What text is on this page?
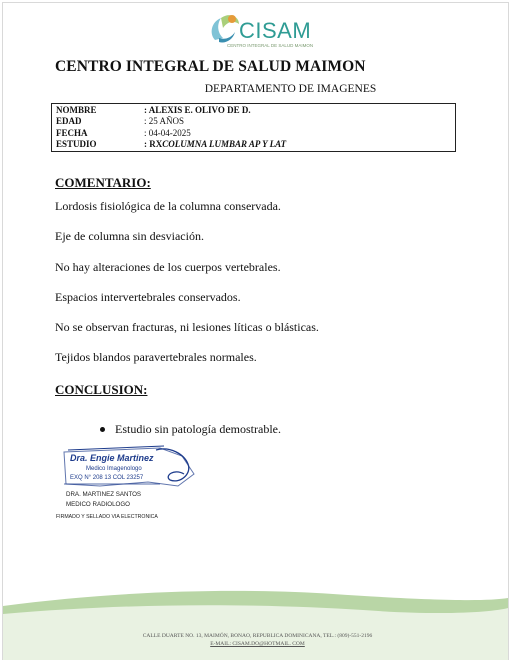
CISAM
CENTRO INTEGRAL DE SALUD MAIMON
CENTRO INTEGRAL DE SALUD MAIMON
DEPARTAMENTO DE IMAGENES
NOMBRE	: ALEXIS E. OLIVO DE D.
EDAD	: 25 AÑOS
FECHA	: 04-04-2025
ESTUDIO	: RX COLUMNA LUMBAR AP Y LAT
COMENTARIO:
Lordosis fisiológica de la columna conservada.
Eje de columna sin desviación.
No hay alteraciones de los cuerpos vertebrales.
Espacios intervertebrales conservados.
No se observan fracturas, ni lesiones líticas o blásticas.
Tejidos blandos paravertebrales normales.
CONCLUSION:
Estudio sin patología demostrable.
Dra. Engie Martinez
Medico Imagenologo
EXQ N° 208 13 COL 23257
DRA. MARTINEZ SANTOS
MEDICO RADIOLOGO
FIRMADO Y SELLADO VIA ELECTRONICA
CALLE DUARTE NO. 13, MAIMÓN, BONAO, REPUBLICA DOMINICANA, TEL.: (809)-551-2196
E-MAIL: CISAM.DO@HOTMAIL. COM
